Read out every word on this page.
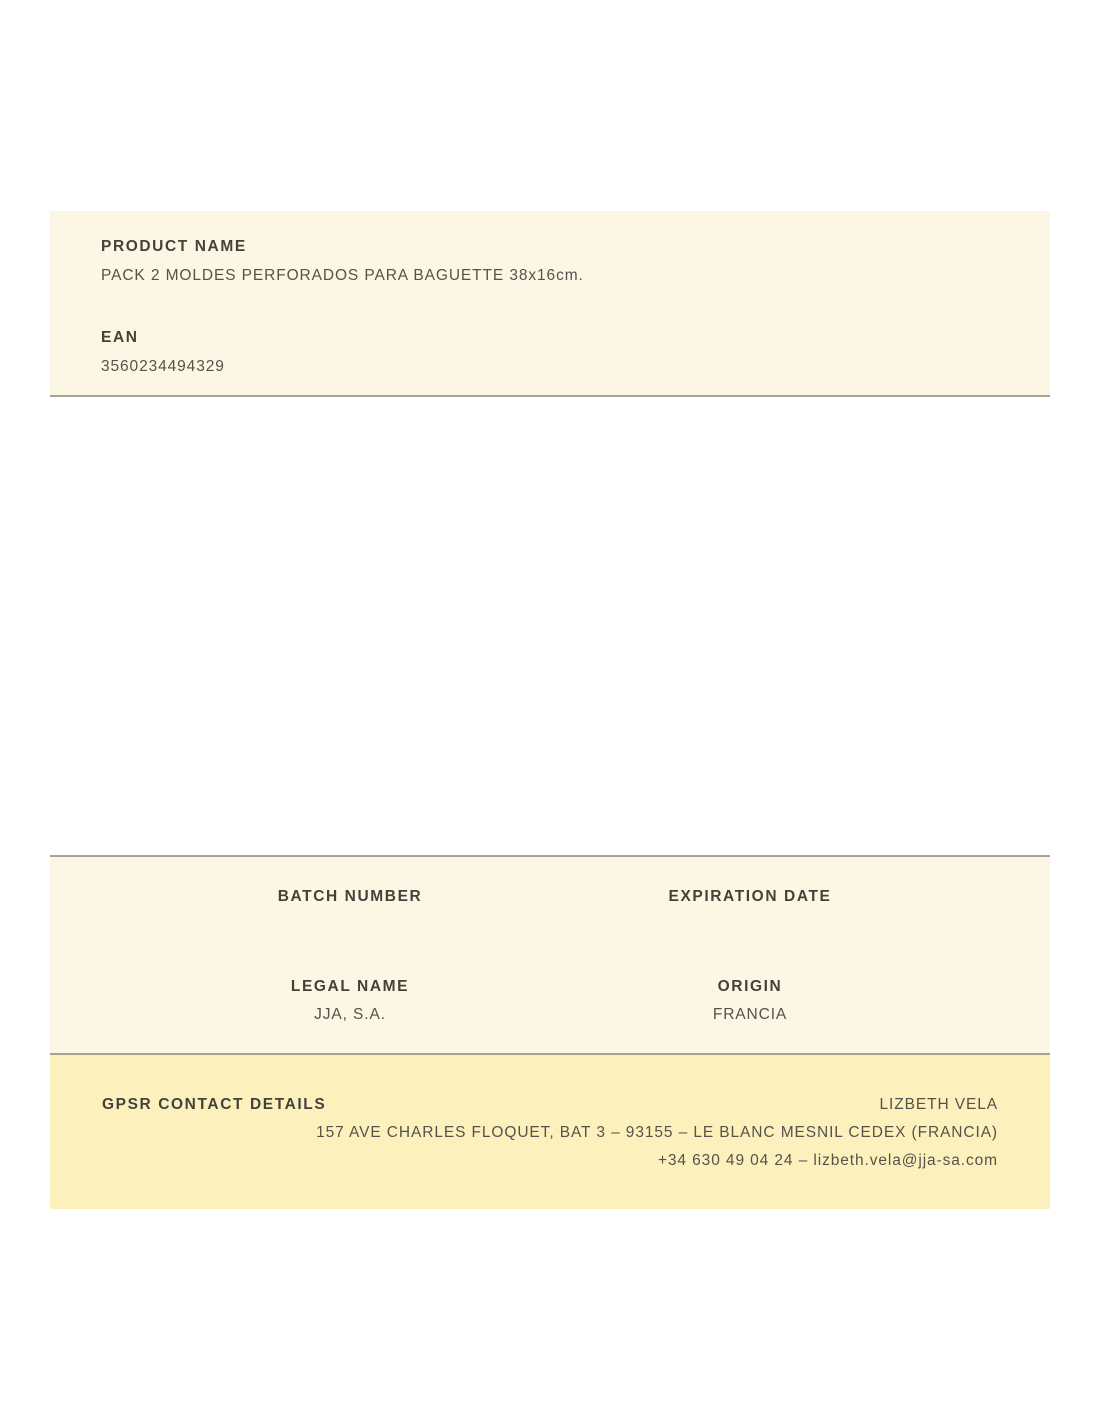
PRODUCT NAME
PACK 2 MOLDES PERFORADOS PARA BAGUETTE 38x16cm.
EAN
3560234494329
BATCH NUMBER	EXPIRATION DATE
LEGAL NAME
JJA, S.A.
ORIGIN
FRANCIA
GPSR CONTACT DETAILS	LIZBETH VELA
157 AVE CHARLES FLOQUET, BAT 3 – 93155 – LE BLANC MESNIL CEDEX (FRANCIA)
+34 630 49 04 24 – lizbeth.vela@jja-sa.com
